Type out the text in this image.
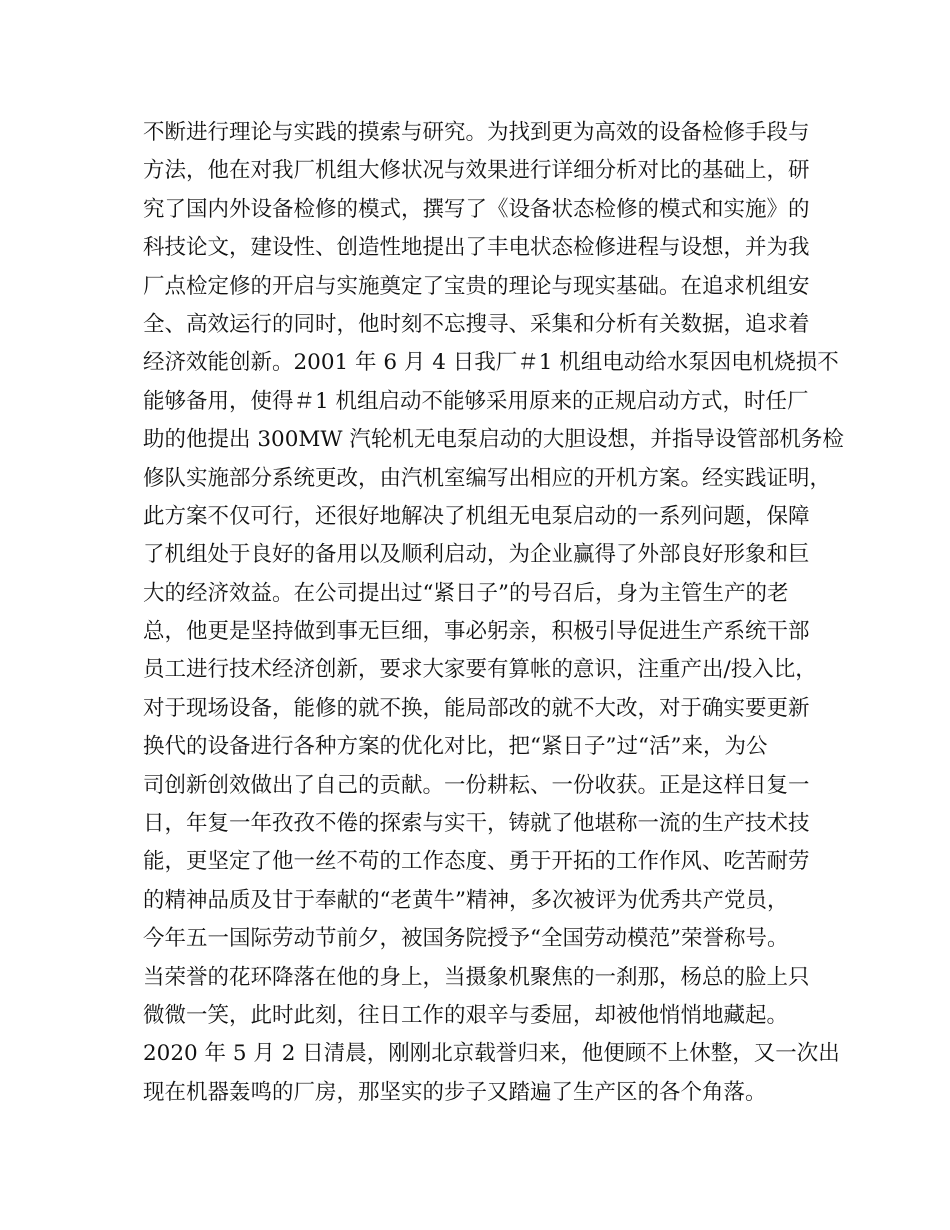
不断进行理论与实践的摸索与研究。为找到更为高效的设备检修手段与
方法，他在对我厂机组大修状况与效果进行详细分析对比的基础上，研
究了国内外设备检修的模式，撰写了《设备状态检修的模式和实施》的
科技论文，建设性、创造性地提出了丰电状态检修进程与设想，并为我
厂点检定修的开启与实施奠定了宝贵的理论与现实基础。在追求机组安
全、高效运行的同时，他时刻不忘搜寻、采集和分析有关数据，追求着
经济效能创新。2001 年 6 月 4 日我厂＃1 机组电动给水泵因电机烧损不
能够备用，使得＃1 机组启动不能够采用原来的正规启动方式，时任厂
助的他提出 300MW 汽轮机无电泵启动的大胆设想，并指导设管部机务检
修队实施部分系统更改，由汽机室编写出相应的开机方案。经实践证明，
此方案不仅可行，还很好地解决了机组无电泵启动的一系列问题，保障
了机组处于良好的备用以及顺利启动，为企业赢得了外部良好形象和巨
大的经济效益。在公司提出过“紧日子”的号召后，身为主管生产的老
总，他更是坚持做到事无巨细，事必躬亲，积极引导促进生产系统干部
员工进行技术经济创新，要求大家要有算帐的意识，注重产出/投入比，
对于现场设备，能修的就不换，能局部改的就不大改，对于确实要更新
换代的设备进行各种方案的优化对比，把“紧日子”过“活”来，为公
司创新创效做出了自己的贡献。一份耕耘、一份收获。正是这样日复一
日，年复一年孜孜不倦的探索与实干，铸就了他堪称一流的生产技术技
能，更坚定了他一丝不苟的工作态度、勇于开拓的工作作风、吃苦耐劳
的精神品质及甘于奉献的“老黄牛”精神，多次被评为优秀共产党员，
今年五一国际劳动节前夕，被国务院授予“全国劳动模范”荣誉称号。
当荣誉的花环降落在他的身上，当摄象机聚焦的一刹那，杨总的脸上只
微微一笑，此时此刻，往日工作的艰辛与委屈，却被他悄悄地藏起。
2020 年 5 月 2 日清晨，刚刚北京载誉归来，他便顾不上休整，又一次出
现在机器轰鸣的厂房，那坚实的步子又踏遍了生产区的各个角落。
